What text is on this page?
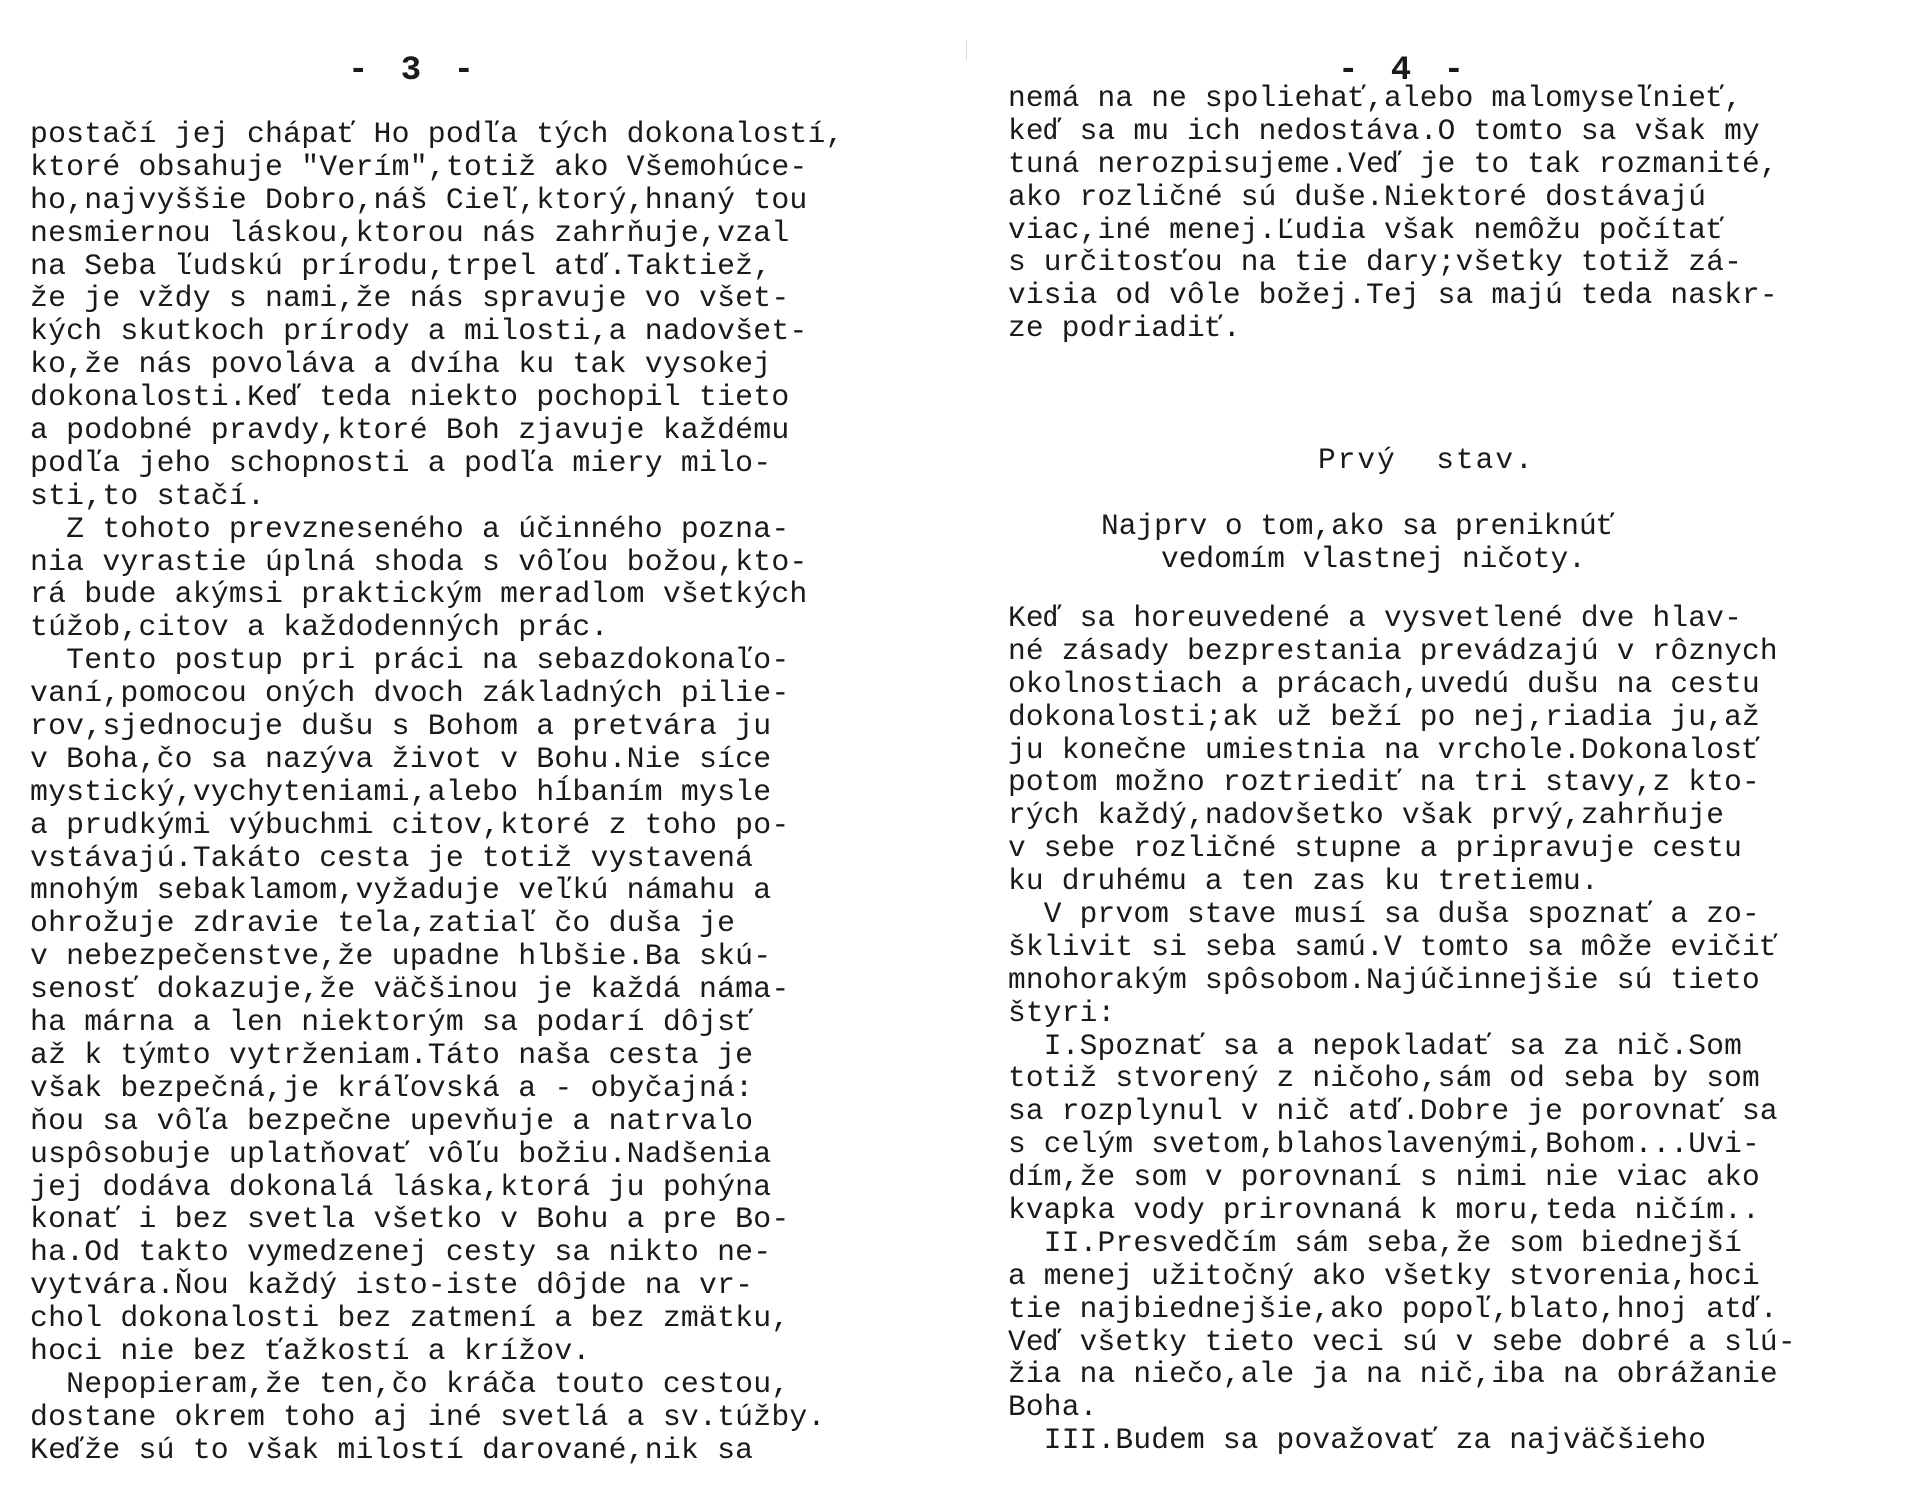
- 3 -
postačí jej chápať Ho podľa tých dokonalostí,
ktoré obsahuje "Verím",totiž ako Všemohúce-
ho,najvyššie Dobro,náš Cieľ,ktorý,hnaný tou
nesmiernou láskou,ktorou nás zahrňuje,vzal
na Seba ľudskú prírodu,trpel atď.Taktiež,
že je vždy s nami,že nás spravuje vo všet-
kých skutkoch prírody a milosti,a nadovšet-
ko,že nás povoláva a dvíha ku tak vysokej
dokonalosti.Keď teda niekto pochopil tieto
a podobné pravdy,ktoré Boh zjavuje každému
podľa jeho schopnosti a podľa miery milo-
sti,to stačí.
Z tohoto prevzneseného a účinného pozna-
nia vyrastie úplná shoda s vôľou božou,kto-
rá bude akýmsi praktickým meradlom všetkých
túžob,citov a každodenných prác.
Tento postup pri práci na sebazdokonaľo-
vaní,pomocou oných dvoch základných pilie-
rov,sjednocuje dušu s Bohom a pretvára ju
v Boha,čo sa nazýva život v Bohu.Nie síce
mystický,vychyteniami,alebo hĺbaním mysle
a prudkými výbuchmi citov,ktoré z toho po-
vstávajú.Takáto cesta je totiž vystavená
mnohým sebaklamom,vyžaduje veľkú námahu a
ohrožuje zdravie tela,zatiaľ čo duša je
v nebezpečenstve,že upadne hlbšie.Ba skú-
senosť dokazuje,že väčšinou je každá náma-
ha márna a len niektorým sa podarí dôjsť
až k týmto vytrženiam.Táto naša cesta je
však bezpečná,je kráľovská a - obyčajná:
ňou sa vôľa bezpečne upevňuje a natrvalo
uspôsobuje uplatňovať vôľu božiu.Nadšenia
jej dodáva dokonalá láska,ktorá ju pohýna
konať i bez svetla všetko v Bohu a pre Bo-
ha.Od takto vymedzenej cesty sa nikto ne-
vytvára.Ňou každý isto-iste dôjde na vr-
chol dokonalosti bez zatmení a bez zmätku,
hoci nie bez ťažkostí a krížov.
Nepopieram,že ten,čo kráča touto cestou,
dostane okrem toho aj iné svetlá a sv.túžby.
Keďže sú to však milostí darované,nik sa
- 4 -
nemá na ne spoliehať,alebo malomyseľnieť,
keď sa mu ich nedostáva.O tomto sa však my
tuná nerozpisujeme.Veď je to tak rozmanité,
ako rozličné sú duše.Niektoré dostávajú
viac,iné menej.Ľudia však nemôžu počítať
s určitosťou na tie dary;všetky totiž zá-
visia od vôle božej.Tej sa majú teda naskr-
ze podriadiť.
Prvý  stav.
Najprv o tom,ako sa preniknúť
vedomím vlastnej ničoty.
Keď sa horeuvedené a vysvetlené dve hlav-
né zásady bezprestania prevádzajú v rôznych
okolnostiach a prácach,uvedú dušu na cestu
dokonalosti;ak už beží po nej,riadia ju,až
ju konečne umiestnia na vrchole.Dokonalosť
potom možno roztriediť na tri stavy,z kto-
rých každý,nadovšetko však prvý,zahrňuje
v sebe rozličné stupne a pripravuje cestu
ku druhému a ten zas ku tretiemu.
V prvom stave musí sa duša spoznať a zo-
šklivit si seba samú.V tomto sa môže evičiť
mnohorakým spôsobom.Najúčinnejšie sú tieto
štyri:
I.Spoznať sa a nepokladať sa za nič.Som
totiž stvorený z ničoho,sám od seba by som
sa rozplynul v nič atď.Dobre je porovnať sa
s celým svetom,blahoslavenými,Bohom...Uvi-
dím,že som v porovnaní s nimi nie viac ako
kvapka vody prirovnaná k moru,teda ničím..
II.Presvedčím sám seba,že som biednejší
a menej užitočný ako všetky stvorenia,hoci
tie najbiednejšie,ako popoľ,blato,hnoj atď.
Veď všetky tieto veci sú v sebe dobré a slú-
žia na niečo,ale ja na nič,iba na obrážanie
Boha.
III.Budem sa považovať za najväčšieho
